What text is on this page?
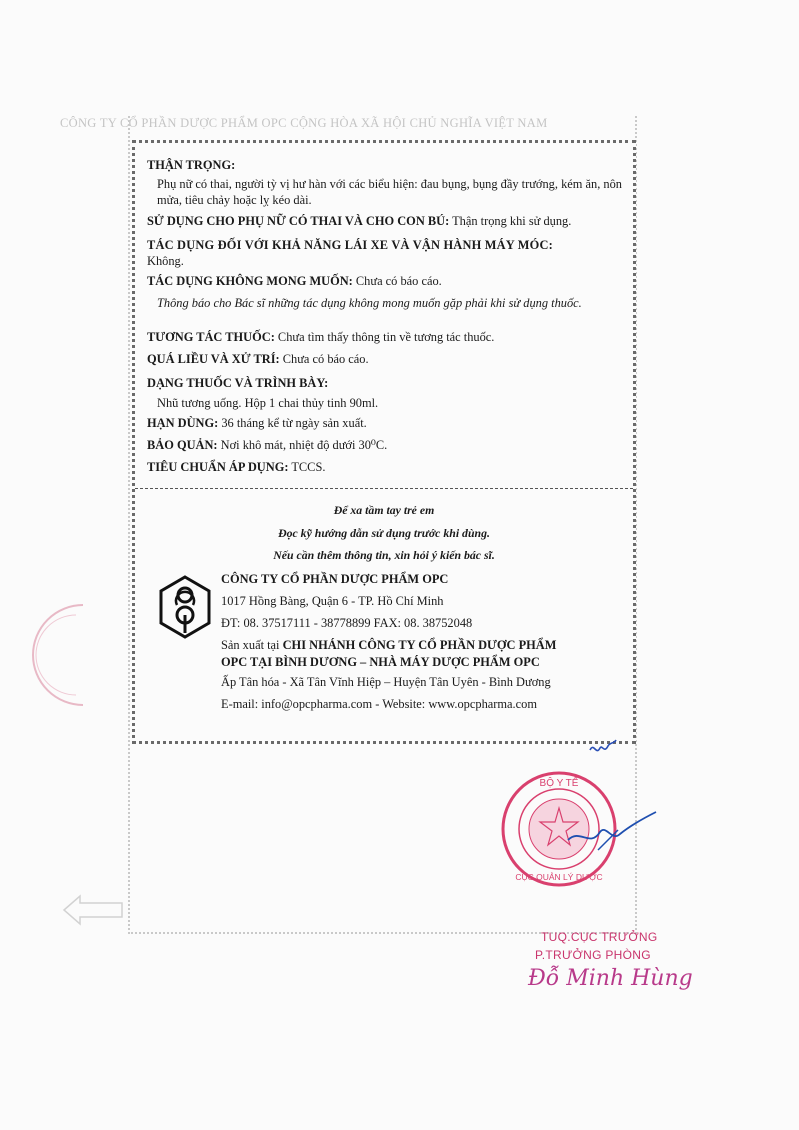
CÔNG TY CỔ PHẦN DƯỢC PHẨM OPC CỘNG HÒA XÃ HỘI CHỦ NGHĨA VIỆT NAM
THẬN TRỌNG:
Phụ nữ có thai, người tỳ vị hư hàn với các biểu hiện: đau bụng, bụng đầy trướng, kém ăn, nôn mửa, tiêu chảy hoặc lỵ kéo dài.
SỬ DỤNG CHO PHỤ NỮ CÓ THAI VÀ CHO CON BÚ: Thận trọng khi sử dụng.
TÁC DỤNG ĐỐI VỚI KHẢ NĂNG LÁI XE VÀ VẬN HÀNH MÁY MÓC:
Không.
TÁC DỤNG KHÔNG MONG MUỐN: Chưa có báo cáo.
Thông báo cho Bác sĩ những tác dụng không mong muốn gặp phải khi sử dụng thuốc.
TƯƠNG TÁC THUỐC: Chưa tìm thấy thông tin về tương tác thuốc.
QUÁ LIỀU VÀ XỬ TRÍ: Chưa có báo cáo.
DẠNG THUỐC VÀ TRÌNH BÀY:
Nhũ tương uống. Hộp 1 chai thủy tinh 90ml.
HẠN DÙNG: 36 tháng kể từ ngày sản xuất.
BẢO QUẢN: Nơi khô mát, nhiệt độ dưới 30⁰C.
TIÊU CHUẨN ÁP DỤNG: TCCS.
Để xa tầm tay trẻ em
Đọc kỹ hướng dẫn sử dụng trước khi dùng.
Nếu cần thêm thông tin, xin hỏi ý kiến bác sĩ.
CÔNG TY CỔ PHẦN DƯỢC PHẨM OPC
1017 Hồng Bàng, Quận 6 - TP. Hồ Chí Minh
ĐT: 08. 37517111 - 38778899 FAX: 08. 38752048
Sản xuất tại CHI NHÁNH CÔNG TY CỔ PHẦN DƯỢC PHẨM
OPC TẠI BÌNH DƯƠNG – NHÀ MÁY DƯỢC PHẨM OPC
Ấp Tân hóa - Xã Tân Vĩnh Hiệp – Huyện Tân Uyên - Bình Dương
E-mail: info@opcpharma.com - Website: www.opcpharma.com
BỘ Y TẾ
CỤC QUẢN LÝ DƯỢC
TUQ.CỤC TRƯỞNG
P.TRƯỞNG PHÒNG
Đỗ Minh Hùng
